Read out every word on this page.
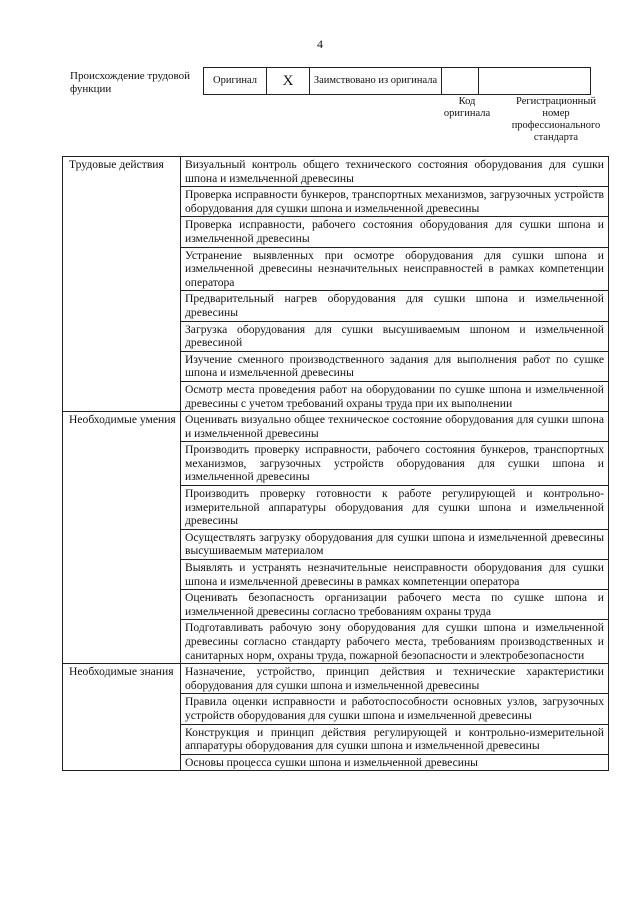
4
Происхождение трудовой функции
Оригинал	X	Заимствовано из оригинала		
Код оригинала
Регистрационный номер профессионального стандарта
Трудовые действия	Визуальный контроль общего технического состояния оборудования для сушки шпона и измельченной древесины
	Проверка исправности бункеров, транспортных механизмов, загрузочных устройств оборудования для сушки шпона и измельченной древесины
	Проверка исправности, рабочего состояния оборудования для сушки шпона и измельченной древесины
	Устранение выявленных при осмотре оборудования для сушки шпона и измельченной древесины незначительных неисправностей в рамках компетенции оператора
	Предварительный нагрев оборудования для сушки шпона и измельченной древесины
	Загрузка оборудования для сушки высушиваемым шпоном и измельченной древесиной
	Изучение сменного производственного задания для выполнения работ по сушке шпона и измельченной древесины
	Осмотр места проведения работ на оборудовании по сушке шпона и измельченной древесины с учетом требований охраны труда при их выполнении
Необходимые умения	Оценивать визуально общее техническое состояние оборудования для сушки шпона и измельченной древесины
	Производить проверку исправности, рабочего состояния бункеров, транспортных механизмов, загрузочных устройств оборудования для сушки шпона и измельченной древесины
	Производить проверку готовности к работе регулирующей и контрольно-измерительной аппаратуры оборудования для сушки шпона и измельченной древесины
	Осуществлять загрузку оборудования для сушки шпона и измельченной древесины высушиваемым материалом
	Выявлять и устранять незначительные неисправности оборудования для сушки шпона и измельченной древесины в рамках компетенции оператора
	Оценивать безопасность организации рабочего места по сушке шпона и измельченной древесины согласно требованиям охраны труда
	Подготавливать рабочую зону оборудования для сушки шпона и измельченной древесины согласно стандарту рабочего места, требованиям производственных и санитарных норм, охраны труда, пожарной безопасности и электробезопасности
Необходимые знания	Назначение, устройство, принцип действия и технические характеристики оборудования для сушки шпона и измельченной древесины
	Правила оценки исправности и работоспособности основных узлов, загрузочных устройств оборудования для сушки шпона и измельченной древесины
	Конструкция и принцип действия регулирующей и контрольно-измерительной аппаратуры оборудования для сушки шпона и измельченной древесины
	Основы процесса сушки шпона и измельченной древесины
